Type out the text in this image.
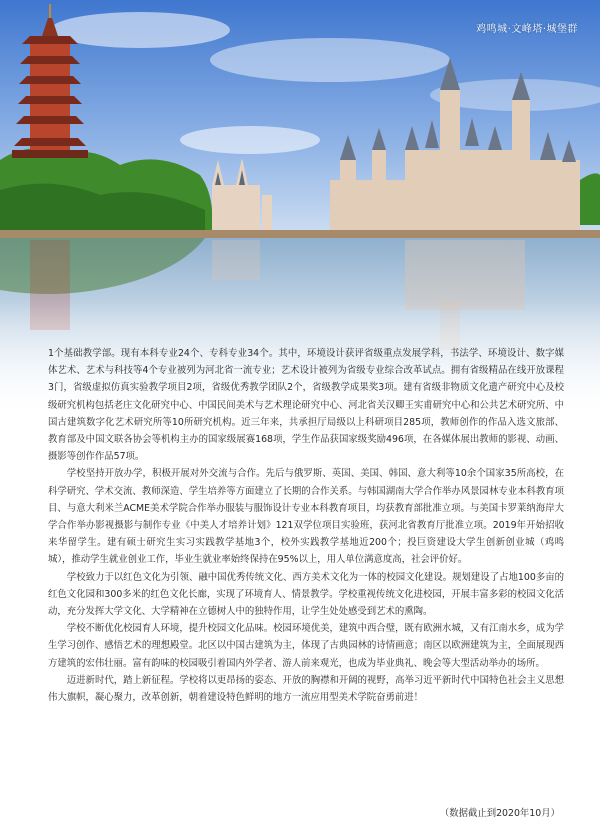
鸡鸣城·文峰塔·城堡群

1个基础教学部。现有本科专业24个、专科专业34个。其中，环境设计获评省级重点发展学科，书法学、环境设计、数字媒体艺术、艺术与科技等4个专业被列为河北省一流专业；艺术设计被列为省级专业综合改革试点。拥有省级精品在线开放课程3门，省级虚拟仿真实验教学项目2项，省级优秀教学团队2个，省级教学成果奖3项。建有省级非物质文化遗产研究中心及校级研究机构包括老庄文化研究中心、中国民间美术与艺术理论研究中心、河北省关汉卿王实甫研究中心和公共艺术研究所、中国古建筑数字化艺术研究所等10所研究机构。近三年来，共承担厅局级以上科研项目285项，教师创作的作品入选文旅部、教育部及中国文联各协会等机构主办的国家级展赛168项，学生作品获国家级奖励496项，在各媒体展出教师的影视、动画、摄影等创作作品57项。

学校坚持开放办学，积极开展对外交流与合作。先后与俄罗斯、英国、美国、韩国、意大利等10余个国家35所高校，在科学研究、学术交流、教师深造、学生培养等方面建立了长期的合作关系。与韩国湖南大学合作举办风景园林专业本科教育项目、与意大利米兰ACME美术学院合作举办服装与服饰设计专业本科教育项目，均获教育部批准立项。与美国卡罗莱纳海岸大学合作举办影视摄影与制作专业《中美人才培养计划》121双学位项目实验班，获河北省教育厅批准立项。2019年开始招收来华留学生。建有硕士研究生实习实践教学基地3个，校外实践教学基地近200个；投巨资建设大学生创新创业城（鸡鸣城），推动学生就业创业工作，毕业生就业率始终保持在95%以上，用人单位满意度高，社会评价好。

学校致力于以红色文化为引领、融中国优秀传统文化、西方美术文化为一体的校园文化建设。规划建设了占地100多亩的红色文化园和300多米的红色文化长廊，实现了环境育人、情景教学。学校重视传统文化进校园，开展丰富多彩的校园文化活动，充分发挥大学文化、大学精神在立德树人中的独特作用，让学生处处感受到艺术的熏陶。

学校不断优化校园育人环境，提升校园文化品味。校园环境优美，建筑中西合璧，既有欧洲水城，又有江南水乡，成为学生学习创作、感悟艺术的理想殿堂。北区以中国古建筑为主，体现了古典园林的诗情画意；南区以欧洲建筑为主，全面展现西方建筑的宏伟壮丽。富有韵味的校园吸引着国内外学者、游人前来观光，也成为毕业典礼、晚会等大型活动举办的场所。

迈进新时代，踏上新征程。学校将以更昂扬的姿态、开放的胸襟和开阔的视野，高举习近平新时代中国特色社会主义思想伟大旗帜，凝心聚力，改革创新，朝着建设特色鲜明的地方一流应用型美术学院奋勇前进！

（数据截止到2020年10月）
